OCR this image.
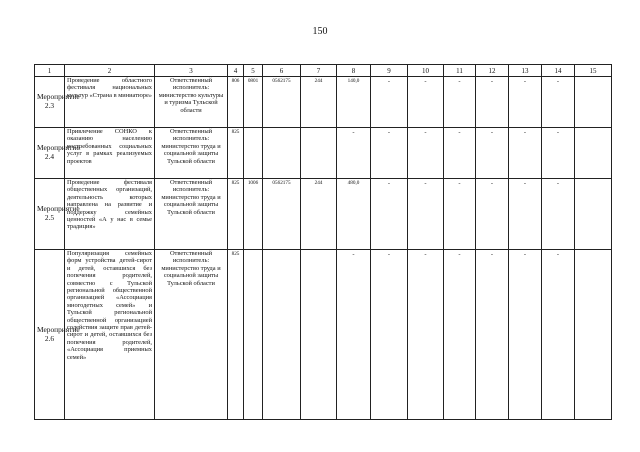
150
1	2	3	4	5	6	7	8	9	10	11	12	13	14	15
Мероприятие 2.3	Проведение областного фестиваля национальных культур «Страна в миниатюре»	Ответственный исполнитель: министерство культуры и туризма Тульской области	806	0801	0562175	244	140,0	-	-	-	-	-	-	
Мероприятие 2.4	Привлечение СОНКО к оказанию населению востребованных социальных услуг в рамках реализуемых проектов	Ответственный исполнитель: министерство труда и социальной защиты Тульской области	825				-	-	-	-	-	-	-	
Мероприятие 2.5	Проведение фестиваля общественных организаций, деятельность которых направлена на развитие и поддержку семейных ценностей «А у нас в семье традиция»	Ответственный исполнитель: министерство труда и социальной защиты Тульской области	825	1006	0562175	244	480,0	-	-	-	-	-	-	
Мероприятие 2.6	Популяризация семейных форм устройства детей-сирот и детей, оставшихся без попечения родителей, совместно с Тульской региональной общественной организацией «Ассоциация многодетных семей» и Тульской региональной общественной организацией содействия защите прав детей-сирот и детей, оставшихся без попечения родителей, «Ассоциация приемных семей»	Ответственный исполнитель: министерство труда и социальной защиты Тульской области	825				-	-	-	-	-	-	-	
